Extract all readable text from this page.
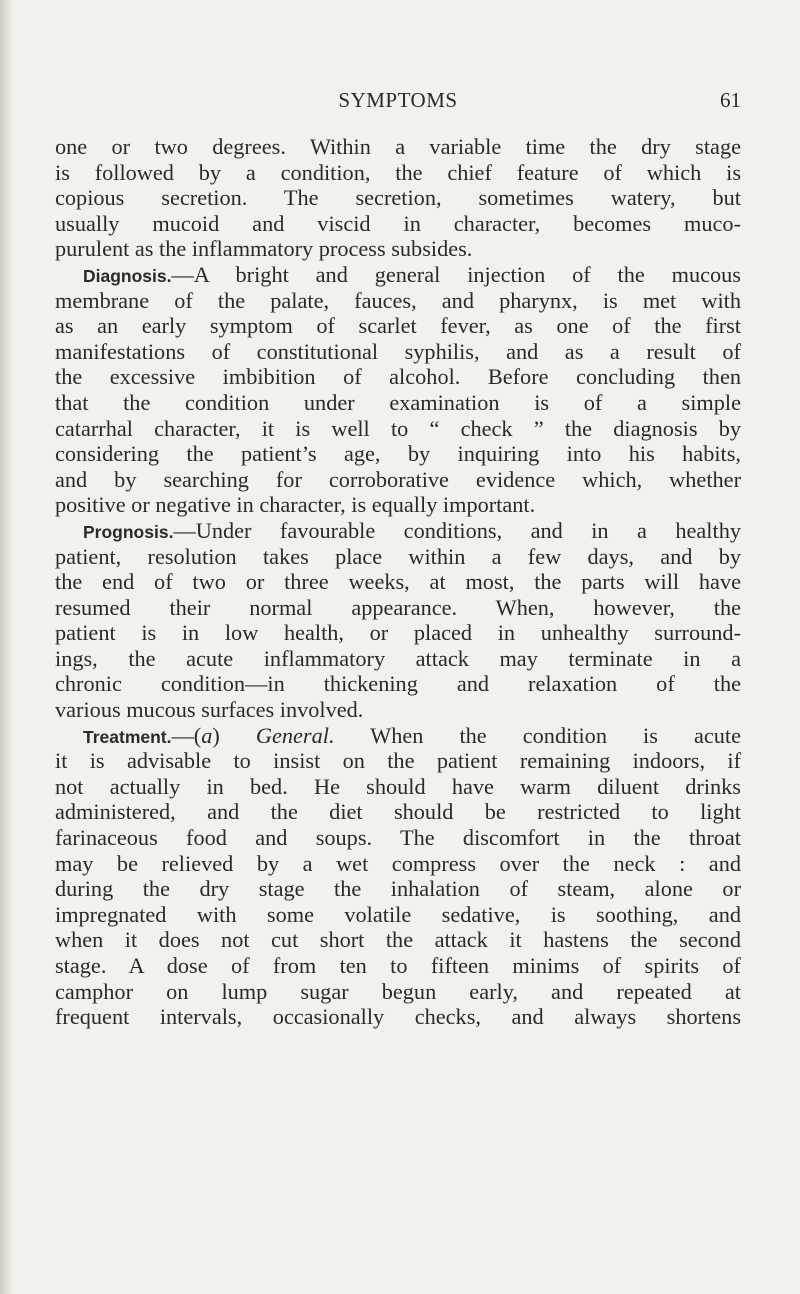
SYMPTOMS	61
one or two degrees. Within a variable time the dry stage
is followed by a condition, the chief feature of which is
copious secretion. The secretion, sometimes watery, but
usually mucoid and viscid in character, becomes muco-
purulent as the inflammatory process subsides.
Diagnosis.—A bright and general injection of the mucous
membrane of the palate, fauces, and pharynx, is met with
as an early symptom of scarlet fever, as one of the first
manifestations of constitutional syphilis, and as a result of
the excessive imbibition of alcohol. Before concluding then
that the condition under examination is of a simple
catarrhal character, it is well to “ check ” the diagnosis by
considering the patient’s age, by inquiring into his habits,
and by searching for corroborative evidence which, whether
positive or negative in character, is equally important.
Prognosis.—Under favourable conditions, and in a healthy
patient, resolution takes place within a few days, and by
the end of two or three weeks, at most, the parts will have
resumed their normal appearance. When, however, the
patient is in low health, or placed in unhealthy surround-
ings, the acute inflammatory attack may terminate in a
chronic condition—in thickening and relaxation of the
various mucous surfaces involved.
Treatment.—(a) General. When the condition is acute
it is advisable to insist on the patient remaining indoors, if
not actually in bed. He should have warm diluent drinks
administered, and the diet should be restricted to light
farinaceous food and soups. The discomfort in the throat
may be relieved by a wet compress over the neck : and
during the dry stage the inhalation of steam, alone or
impregnated with some volatile sedative, is soothing, and
when it does not cut short the attack it hastens the second
stage. A dose of from ten to fifteen minims of spirits of
camphor on lump sugar begun early, and repeated at
frequent intervals, occasionally checks, and always shortens
